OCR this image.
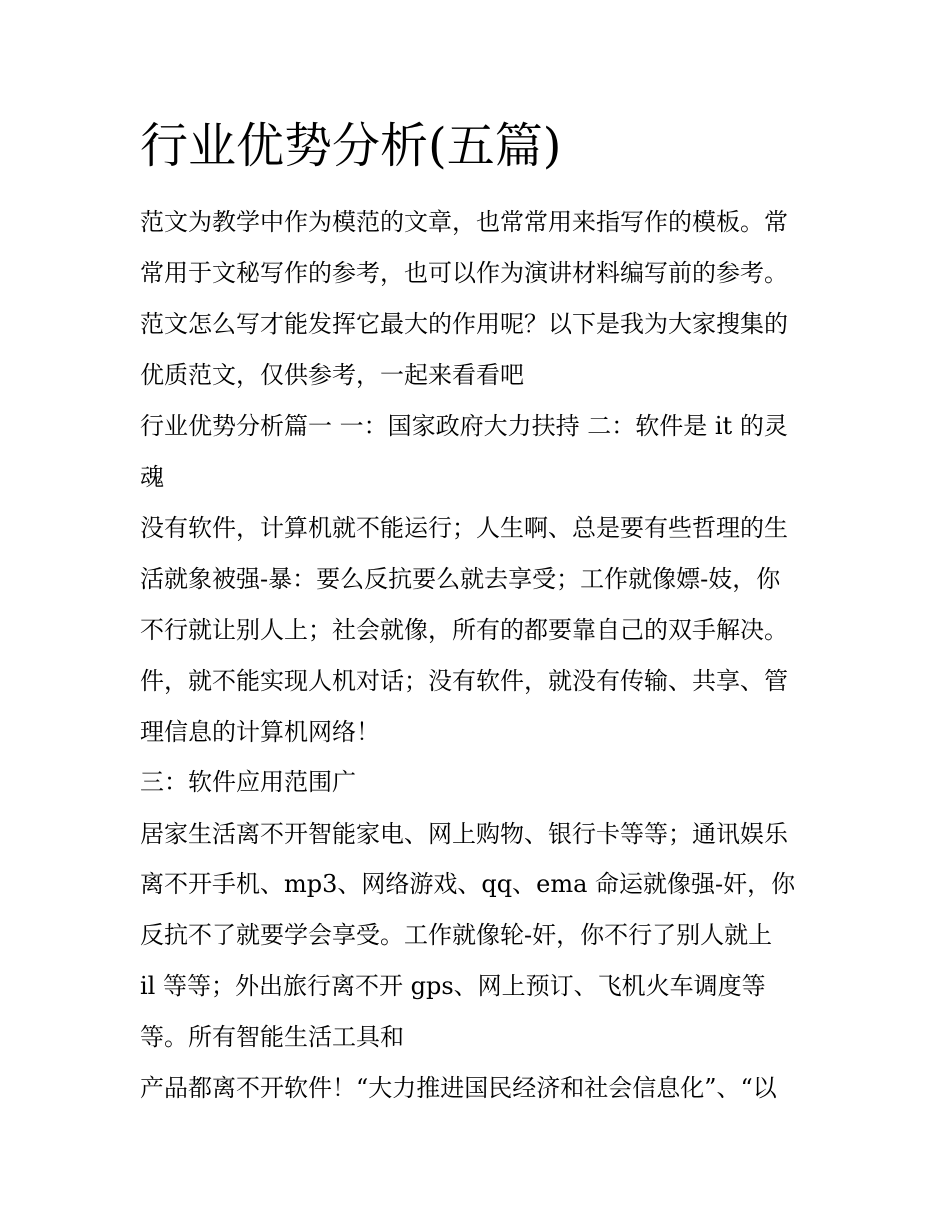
行业优势分析(五篇)

范文为教学中作为模范的文章，也常常用来指写作的模板。常

常用于文秘写作的参考，也可以作为演讲材料编写前的参考。

范文怎么写才能发挥它最大的作用呢？以下是我为大家搜集的

优质范文，仅供参考，一起来看看吧

行业优势分析篇一 一：国家政府大力扶持 二：软件是 it 的灵

魂

没有软件，计算机就不能运行；人生啊、总是要有些哲理的生

活就象被强-暴：要么反抗要么就去享受；工作就像嫖-妓，你

不行就让别人上；社会就像，所有的都要靠自己的双手解决。

件，就不能实现人机对话；没有软件，就没有传输、共享、管

理信息的计算机网络！

三：软件应用范围广

居家生活离不开智能家电、网上购物、银行卡等等；通讯娱乐

离不开手机、mp3、网络游戏、qq、ema 命运就像强-奸，你

反抗不了就要学会享受。工作就像轮-奸，你不行了别人就上

il 等等；外出旅行离不开 gps、网上预订、飞机火车调度等

等。所有智能生活工具和

产品都离不开软件！“大力推进国民经济和社会信息化”、“以
